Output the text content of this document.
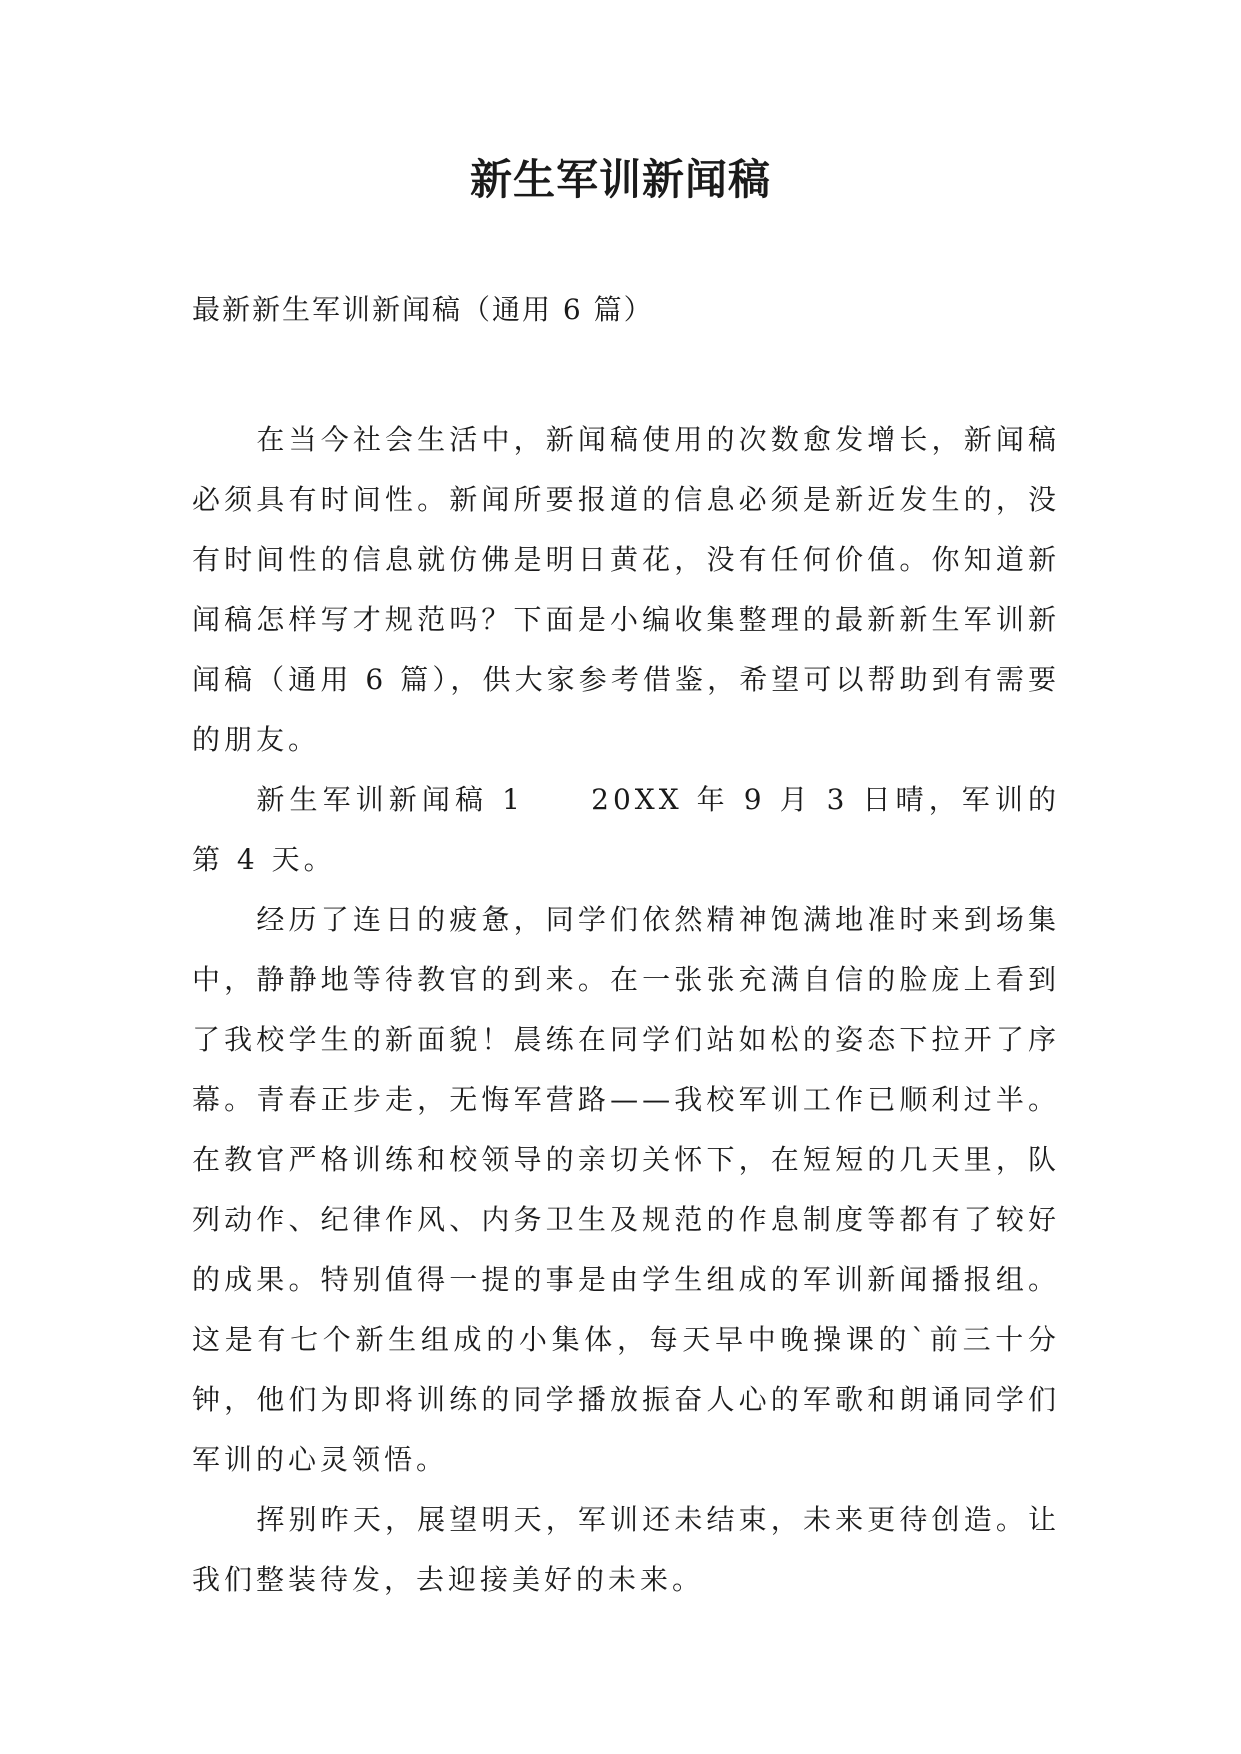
新生军训新闻稿
最新新生军训新闻稿（通用 6 篇）

在当今社会生活中，新闻稿使用的次数愈发增长，新闻稿必须具有时间性。新闻所要报道的信息必须是新近发生的，没有时间性的信息就仿佛是明日黄花，没有任何价值。你知道新闻稿怎样写才规范吗？下面是小编收集整理的最新新生军训新闻稿（通用 6 篇），供大家参考借鉴，希望可以帮助到有需要的朋友。

新生军训新闻稿 1　　20XX 年 9 月 3 日晴，军训的第 4 天。

经历了连日的疲惫，同学们依然精神饱满地准时来到场集中，静静地等待教官的到来。在一张张充满自信的脸庞上看到了我校学生的新面貌！晨练在同学们站如松的姿态下拉开了序幕。青春正步走，无悔军营路——我校军训工作已顺利过半。在教官严格训练和校领导的亲切关怀下，在短短的几天里，队列动作、纪律作风、内务卫生及规范的作息制度等都有了较好的成果。特别值得一提的事是由学生组成的军训新闻播报组。这是有七个新生组成的小集体，每天早中晚操课的`前三十分钟，他们为即将训练的同学播放振奋人心的军歌和朗诵同学们军训的心灵领悟。

挥别昨天，展望明天，军训还未结束，未来更待创造。让我们整装待发，去迎接美好的未来。
